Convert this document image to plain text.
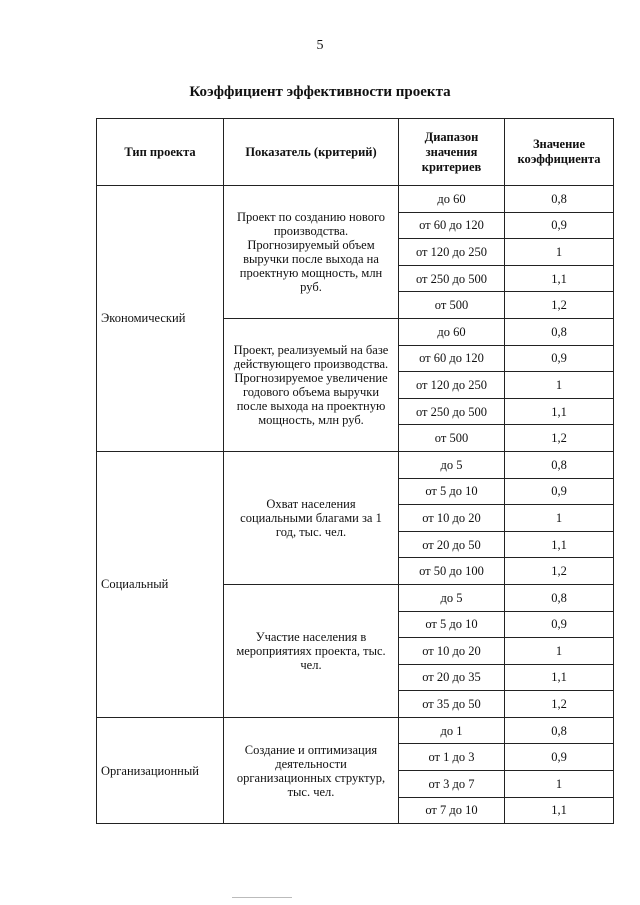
5
Коэффициент эффективности проекта
Тип проекта	Показатель (критерий)	Диапазон значения критериев	Значение коэффициента
Экономический	Проект по созданию нового производства. Прогнозируемый объем выручки после выхода на проектную мощность, млн руб.	до 60	0,8
		от 60 до 120	0,9
		от 120 до 250	1
		от 250 до 500	1,1
		от 500	1,2
	Проект, реализуемый на базе действующего производства. Прогнозируемое увеличение годового объема выручки после выхода на проектную мощность, млн руб.	до 60	0,8
		от 60 до 120	0,9
		от 120 до 250	1
		от 250 до 500	1,1
		от 500	1,2
Социальный	Охват населения социальными благами за 1 год, тыс. чел.	до 5	0,8
		от 5 до 10	0,9
		от 10 до 20	1
		от 20 до 50	1,1
		от 50 до 100	1,2
	Участие населения в мероприятиях проекта, тыс. чел.	до 5	0,8
		от 5 до 10	0,9
		от 10 до 20	1
		от 20 до 35	1,1
		от 35 до 50	1,2
Организационный	Создание и оптимизация деятельности организационных структур, тыс. чел.	до 1	0,8
		от 1 до 3	0,9
		от 3 до 7	1
		от 7 до 10	1,1
